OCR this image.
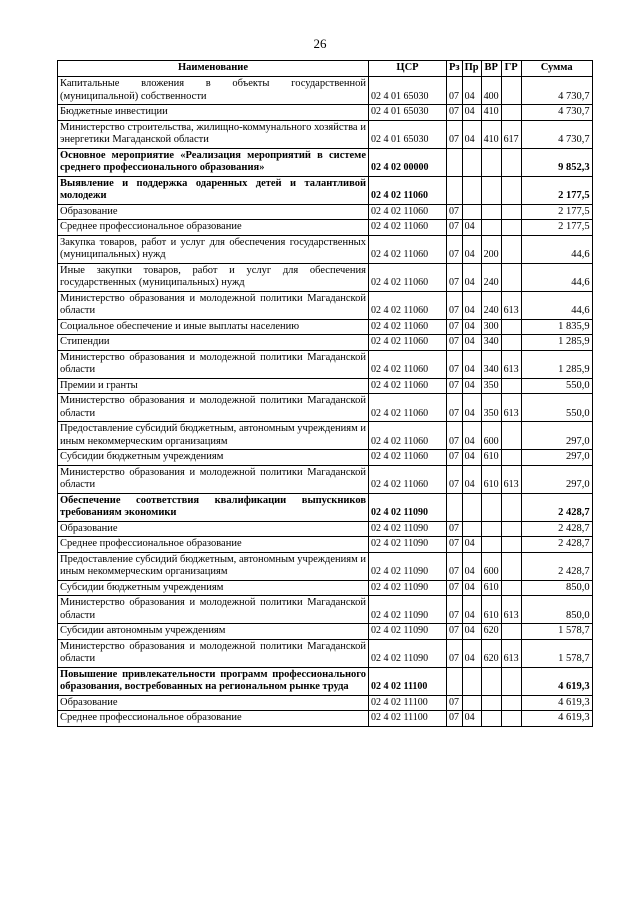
26
Наименование	ЦСР	Рз	Пр	ВР	ГР	Сумма
Капитальные вложения в объекты государственной (муниципальной) собственности	02 4 01 65030	07	04	400		4 730,7
Бюджетные инвестиции	02 4 01 65030	07	04	410		4 730,7
Министерство строительства, жилищно-коммунального хозяйства и энергетики Магаданской области	02 4 01 65030	07	04	410	617	4 730,7
Основное мероприятие «Реализация мероприятий в системе среднего профессионального образования»	02 4 02 00000					9 852,3
Выявление и поддержка одаренных детей и талантливой молодежи	02 4 02 11060					2 177,5
Образование	02 4 02 11060	07				2 177,5
Среднее профессиональное образование	02 4 02 11060	07	04			2 177,5
Закупка товаров, работ и услуг для обеспечения государственных (муниципальных) нужд	02 4 02 11060	07	04	200		44,6
Иные закупки товаров, работ и услуг для обеспечения государственных (муниципальных) нужд	02 4 02 11060	07	04	240		44,6
Министерство образования и молодежной политики Магаданской области	02 4 02 11060	07	04	240	613	44,6
Социальное обеспечение и иные выплаты населению	02 4 02 11060	07	04	300		1 835,9
Стипендии	02 4 02 11060	07	04	340		1 285,9
Министерство образования и молодежной политики Магаданской области	02 4 02 11060	07	04	340	613	1 285,9
Премии и гранты	02 4 02 11060	07	04	350		550,0
Министерство образования и молодежной политики Магаданской области	02 4 02 11060	07	04	350	613	550,0
Предоставление субсидий бюджетным, автономным учреждениям и иным некоммерческим организациям	02 4 02 11060	07	04	600		297,0
Субсидии бюджетным учреждениям	02 4 02 11060	07	04	610		297,0
Министерство образования и молодежной политики Магаданской области	02 4 02 11060	07	04	610	613	297,0
Обеспечение соответствия квалификации выпускников требованиям экономики	02 4 02 11090					2 428,7
Образование	02 4 02 11090	07				2 428,7
Среднее профессиональное образование	02 4 02 11090	07	04			2 428,7
Предоставление субсидий бюджетным, автономным учреждениям и иным некоммерческим организациям	02 4 02 11090	07	04	600		2 428,7
Субсидии бюджетным учреждениям	02 4 02 11090	07	04	610		850,0
Министерство образования и молодежной политики Магаданской области	02 4 02 11090	07	04	610	613	850,0
Субсидии автономным учреждениям	02 4 02 11090	07	04	620		1 578,7
Министерство образования и молодежной политики Магаданской области	02 4 02 11090	07	04	620	613	1 578,7
Повышение привлекательности программ профессионального образования, востребованных на региональном рынке труда	02 4 02 11100					4 619,3
Образование	02 4 02 11100	07				4 619,3
Среднее профессиональное образование	02 4 02 11100	07	04			4 619,3
